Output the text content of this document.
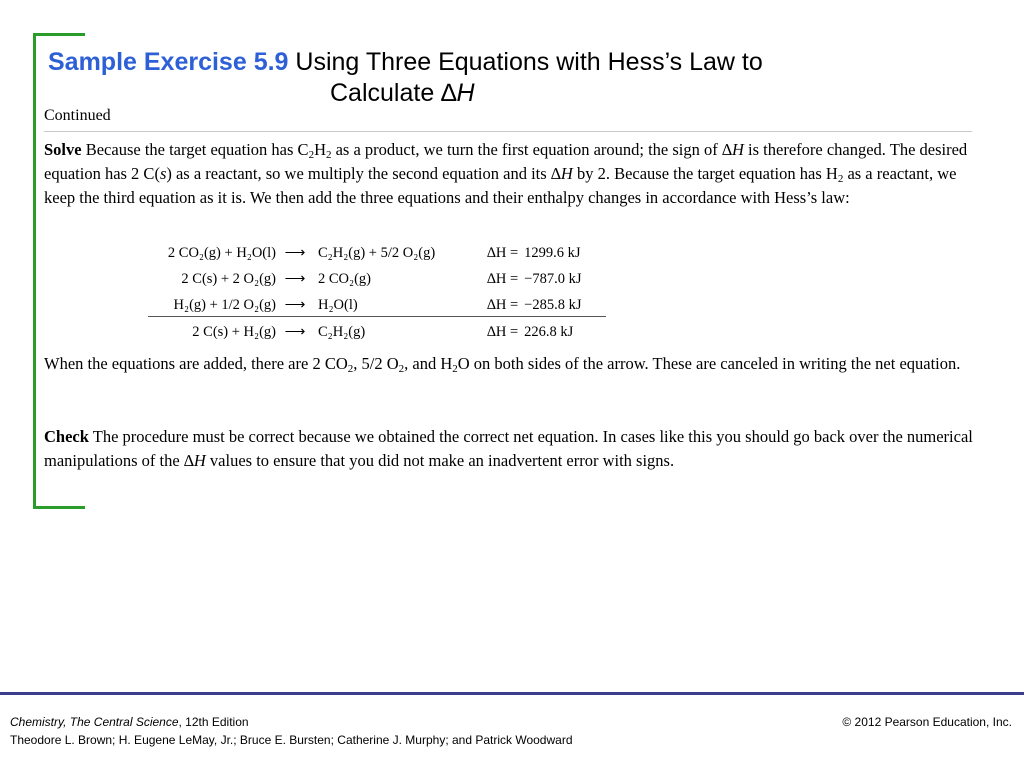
Sample Exercise 5.9 Using Three Equations with Hess’s Law to
Calculate ∆H
Continued
Solve Because the target equation has $C_2H_2$ as a product, we turn the first equation around; the sign of ∆H is therefore changed. The desired equation has 2 C(s) as a reactant, so we multiply the second equation and its ∆H by 2. Because the target equation has $H_2$ as a reactant, we keep the third equation as it is. We then add the three equations and their enthalpy changes in accordance with Hess’s law:
2 CO₂(g) + H₂O(l) ⟶ C₂H₂(g) + 5/2 O₂(g)	∆H = 1299.6 kJ
2 C(s) + 2 O₂(g) ⟶ 2 CO₂(g)	∆H = −787.0 kJ
H₂(g) + 1/2 O₂(g) ⟶ H₂O(l)	∆H = −285.8 kJ
2 C(s) + H₂(g) ⟶ C₂H₂(g)	∆H = 226.8 kJ
When the equations are added, there are 2 $CO_2$, 5/2 $O_2$, and $H_2O$ on both sides of the arrow. These are canceled in writing the net equation.
Check The procedure must be correct because we obtained the correct net equation. In cases like this you should go back over the numerical manipulations of the ∆H values to ensure that you did not make an inadvertent error with signs.
Chemistry, The Central Science, 12th Edition
Theodore L. Brown; H. Eugene LeMay, Jr.; Bruce E. Bursten; Catherine J. Murphy; and Patrick Woodward
© 2012 Pearson Education, Inc.
